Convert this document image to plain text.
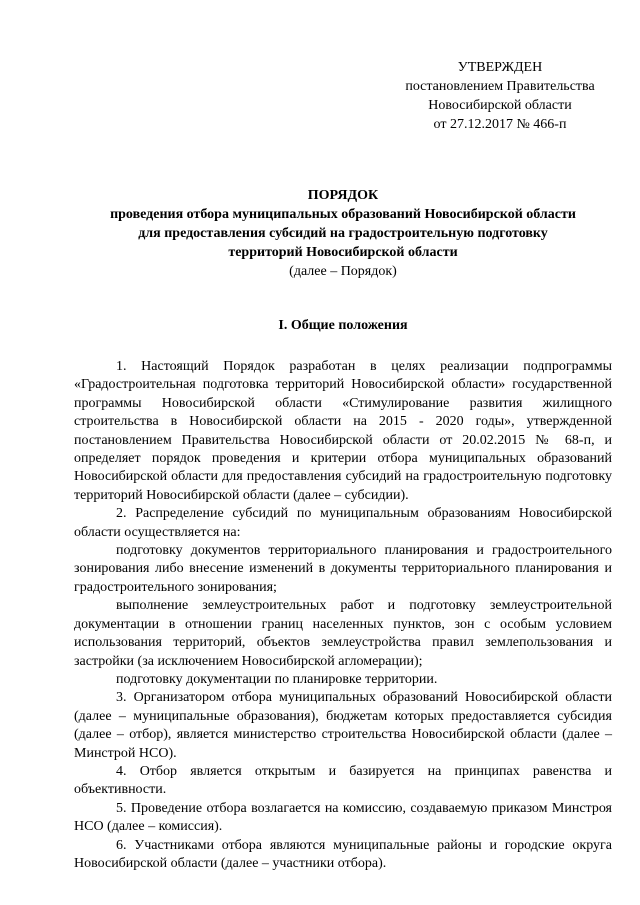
УТВЕРЖДЕН
постановлением Правительства
Новосибирской области
от 27.12.2017 № 466-п
ПОРЯДОК
проведения отбора муниципальных образований Новосибирской области
для предоставления субсидий на градостроительную подготовку
территорий Новосибирской области
(далее – Порядок)
I. Общие положения

1. Настоящий Порядок разработан в целях реализации подпрограммы «Градостроительная подготовка территорий Новосибирской области» государственной программы Новосибирской области «Стимулирование развития жилищного строительства в Новосибирской области на 2015 - 2020 годы», утвержденной постановлением Правительства Новосибирской области от 20.02.2015 № 68-п, и определяет порядок проведения и критерии отбора муниципальных образований Новосибирской области для предоставления субсидий на градостроительную подготовку территорий Новосибирской области (далее – субсидии).

2. Распределение субсидий по муниципальным образованиям Новосибирской области осуществляется на:

подготовку документов территориального планирования и градостроительного зонирования либо внесение изменений в документы территориального планирования и градостроительного зонирования;

выполнение землеустроительных работ и подготовку землеустроительной документации в отношении границ населенных пунктов, зон с особым условием использования территорий, объектов землеустройства правил землепользования и застройки (за исключением Новосибирской агломерации);

подготовку документации по планировке территории.

3. Организатором отбора муниципальных образований Новосибирской области (далее – муниципальные образования), бюджетам которых предоставляется субсидия (далее – отбор), является министерство строительства Новосибирской области (далее – Минстрой НСО).

4. Отбор является открытым и базируется на принципах равенства и объективности.

5. Проведение отбора возлагается на комиссию, создаваемую приказом Минстроя НСО (далее – комиссия).

6. Участниками отбора являются муниципальные районы и городские округа Новосибирской области (далее – участники отбора).
